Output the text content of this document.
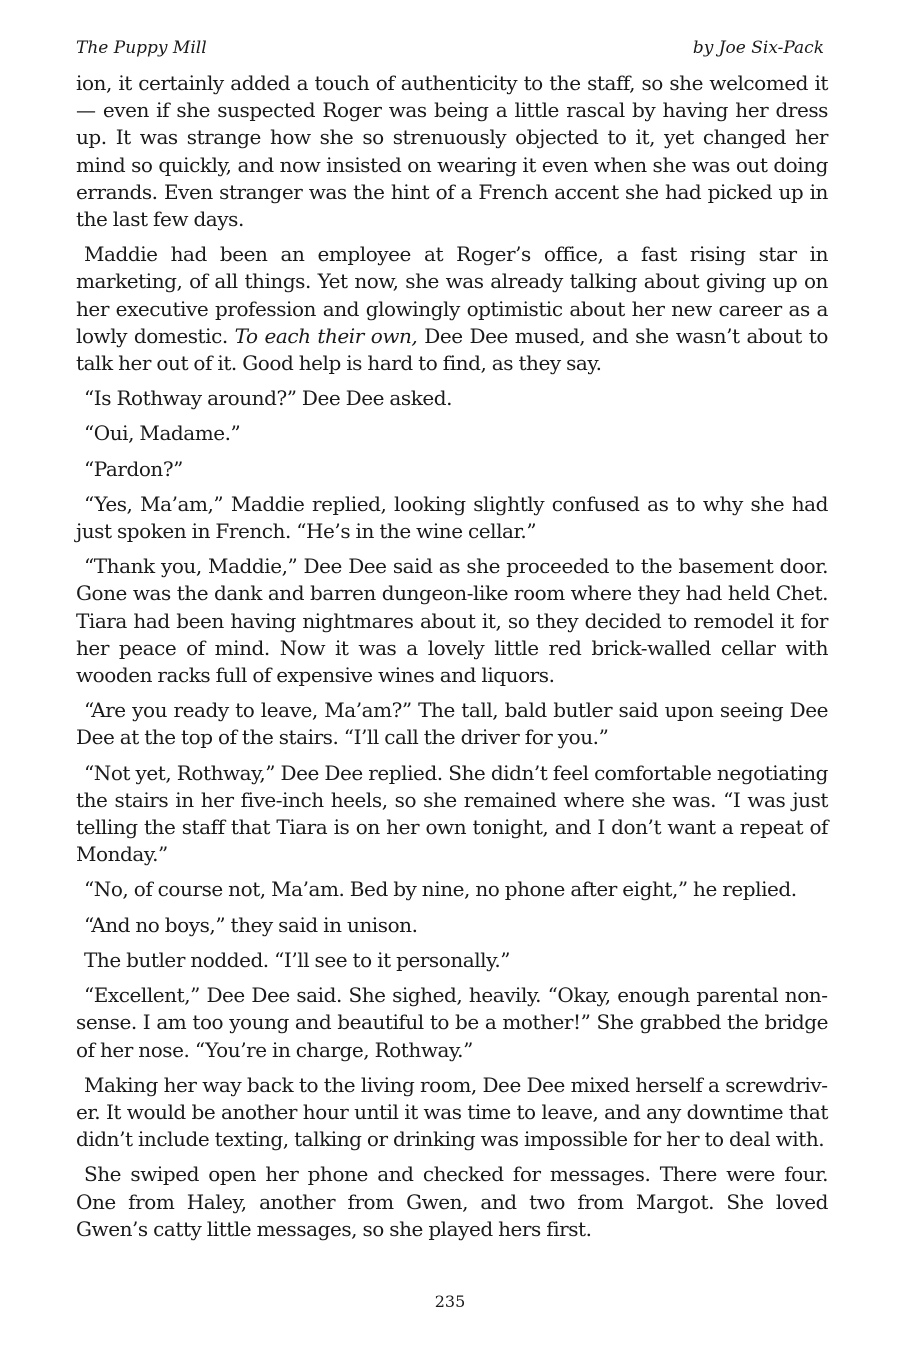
The Puppy Mill	by Joe Six-Pack

ion, it certainly added a touch of authenticity to the staff, so she welcomed it — even if she suspected Roger was being a little rascal by having her dress up. It was strange how she so strenuously objected to it, yet changed her mind so quickly, and now insisted on wearing it even when she was out doing errands. Even stranger was the hint of a French accent she had picked up in the last few days.

Maddie had been an employee at Roger’s office, a fast rising star in marketing, of all things. Yet now, she was already talking about giving up on her executive profession and glowingly optimistic about her new career as a lowly domestic. To each their own, Dee Dee mused, and she wasn’t about to talk her out of it. Good help is hard to find, as they say.

“Is Rothway around?” Dee Dee asked.

“Oui, Madame.”

“Pardon?”

“Yes, Ma’am,” Maddie replied, looking slightly confused as to why she had just spoken in French. “He’s in the wine cellar.”

“Thank you, Maddie,” Dee Dee said as she proceeded to the basement door. Gone was the dank and barren dungeon-like room where they had held Chet. Tiara had been having nightmares about it, so they decided to remodel it for her peace of mind. Now it was a lovely little red brick-walled cellar with wooden racks full of expensive wines and liquors.

“Are you ready to leave, Ma’am?” The tall, bald butler said upon seeing Dee Dee at the top of the stairs. “I’ll call the driver for you.”

“Not yet, Rothway,” Dee Dee replied. She didn’t feel comfortable negotiating the stairs in her five-inch heels, so she remained where she was. “I was just telling the staff that Tiara is on her own tonight, and I don’t want a repeat of Monday.”

“No, of course not, Ma’am. Bed by nine, no phone after eight,” he replied.

“And no boys,” they said in unison.

The butler nodded. “I’ll see to it personally.”

“Excellent,” Dee Dee said. She sighed, heavily. “Okay, enough parental nonsense. I am too young and beautiful to be a mother!” She grabbed the bridge of her nose. “You’re in charge, Rothway.”

Making her way back to the living room, Dee Dee mixed herself a screwdriver. It would be another hour until it was time to leave, and any downtime that didn’t include texting, talking or drinking was impossible for her to deal with.

She swiped open her phone and checked for messages. There were four. One from Haley, another from Gwen, and two from Margot. She loved Gwen’s catty little messages, so she played hers first.

235
